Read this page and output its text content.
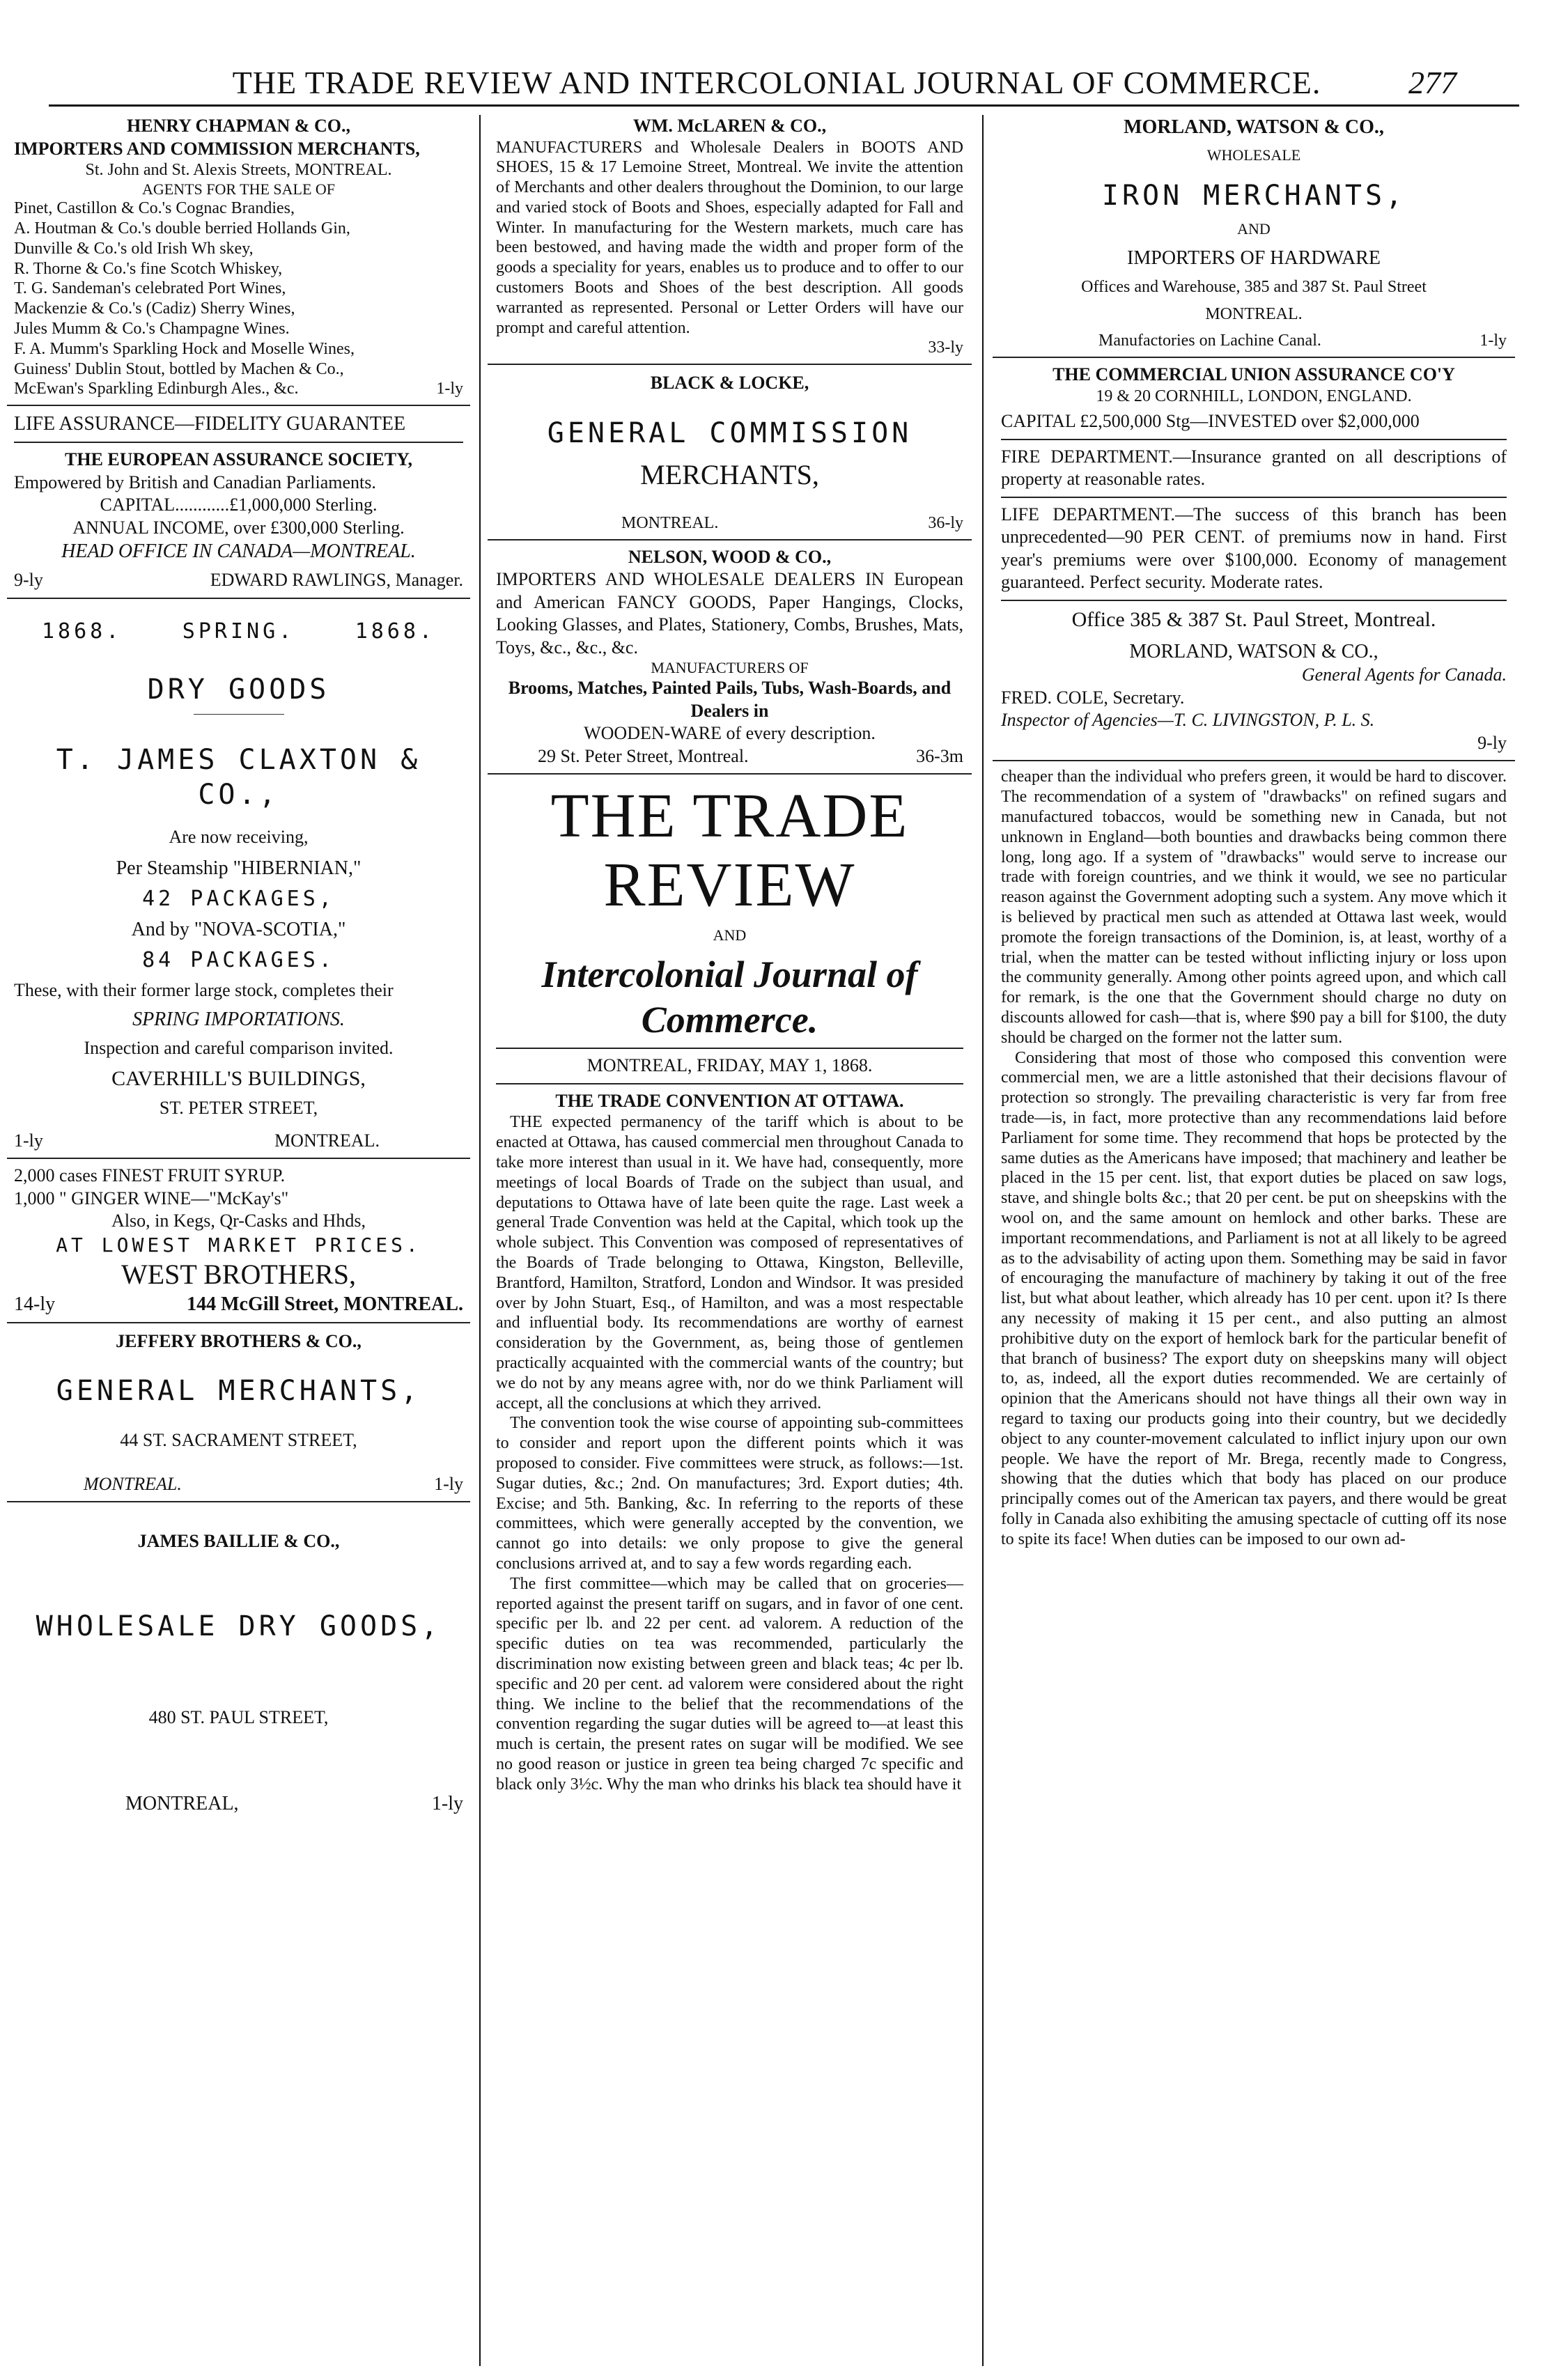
THE TRADE REVIEW AND INTERCOLONIAL JOURNAL OF COMMERCE.	277
HENRY CHAPMAN & CO.,
IMPORTERS AND COMMISSION MERCHANTS,
St. John and St. Alexis Streets, MONTREAL.
AGENTS FOR THE SALE OF
Pinet, Castillon & Co.'s Cognac Brandies,
A. Houtman & Co.'s double berried Hollands Gin,
Dunville & Co.'s old Irish Wh skey,
R. Thorne & Co.'s fine Scotch Whiskey,
T. G. Sandeman's celebrated Port Wines,
Mackenzie & Co.'s (Cadiz) Sherry Wines,
Jules Mumm & Co.'s Champagne Wines.
F. A. Mumm's Sparkling Hock and Moselle Wines,
Guiness' Dublin Stout, bottled by Machen & Co.,
McEwan's Sparkling Edinburgh Ales., &c.	1-ly
LIFE ASSURANCE—FIDELITY GUARANTEE
THE EUROPEAN ASSURANCE SOCIETY,
Empowered by British and Canadian Parliaments.
CAPITAL............£1,000,000 Sterling.
ANNUAL INCOME, over £300,000 Sterling.
HEAD OFFICE IN CANADA—MONTREAL.
9-ly	EDWARD RAWLINGS, Manager.
1868.	SPRING.	1868.
DRY GOODS
T. JAMES CLAXTON & CO.,
Are now receiving,
Per Steamship "HIBERNIAN,"
42 PACKAGES,
And by "NOVA-SCOTIA,"
84 PACKAGES.
These, with their former large stock, completes their
SPRING IMPORTATIONS.
Inspection and careful comparison invited.
CAVERHILL'S BUILDINGS,
ST. PETER STREET,
1-ly	MONTREAL.
2,000 cases FINEST FRUIT SYRUP.
1,000 " GINGER WINE—"McKay's"
Also, in Kegs, Qr-Casks and Hhds,
AT LOWEST MARKET PRICES.
WEST BROTHERS,
14-ly	144 McGill Street, MONTREAL.
JEFFERY BROTHERS & CO.,
GENERAL MERCHANTS,
44 ST. SACRAMENT STREET,
MONTREAL.	1-ly
JAMES BAILLIE & CO.,
WHOLESALE DRY GOODS,
480 ST. PAUL STREET,
MONTREAL,	1-ly
WM. McLAREN & CO.,

MANUFACTURERS and Wholesale Dealers in BOOTS AND SHOES, 15 & 17 Lemoine Street, Montreal. We invite the attention of Merchants and other dealers throughout the Dominion, to our large and varied stock of Boots and Shoes, especially adapted for Fall and Winter. In manufacturing for the Western markets, much care has been bestowed, and having made the width and proper form of the goods a speciality for years, enables us to produce and to offer to our customers Boots and Shoes of the best description. All goods warranted as represented. Personal or Letter Orders will have our prompt and careful attention.

33-ly
BLACK & LOCKE,
GENERAL COMMISSION
MERCHANTS,
MONTREAL.	36-ly
NELSON, WOOD & CO.,

IMPORTERS AND WHOLESALE DEALERS IN European and American FANCY GOODS, Paper Hangings, Clocks, Looking Glasses, and Plates, Stationery, Combs, Brushes, Mats, Toys, &c., &c., &c.

MANUFACTURERS OF
Brooms, Matches, Painted Pails, Tubs, Wash-Boards, and Dealers in
WOODEN-WARE of every description.
29 St. Peter Street, Montreal.	36-3m
THE TRADE REVIEW
AND
Intercolonial Journal of Commerce.
MONTREAL, FRIDAY, MAY 1, 1868.
THE TRADE CONVENTION AT OTTAWA.

THE expected permanency of the tariff which is about to be enacted at Ottawa, has caused commercial men throughout Canada to take more interest than usual in it. We have had, consequently, more meetings of local Boards of Trade on the subject than usual, and deputations to Ottawa have of late been quite the rage. Last week a general Trade Convention was held at the Capital, which took up the whole subject. This Convention was composed of representatives of the Boards of Trade belonging to Ottawa, Kingston, Belleville, Brantford, Hamilton, Stratford, London and Windsor. It was presided over by John Stuart, Esq., of Hamilton, and was a most respectable and influential body. Its recommendations are worthy of earnest consideration by the Government, as, being those of gentlemen practically acquainted with the commercial wants of the country; but we do not by any means agree with, nor do we think Parliament will accept, all the conclusions at which they arrived.

The convention took the wise course of appointing sub-committees to consider and report upon the different points which it was proposed to consider. Five committees were struck, as follows:—1st. Sugar duties, &c.; 2nd. On manufactures; 3rd. Export duties; 4th. Excise; and 5th. Banking, &c. In referring to the reports of these committees, which were generally accepted by the convention, we cannot go into details: we only propose to give the general conclusions arrived at, and to say a few words regarding each.

The first committee—which may be called that on groceries—reported against the present tariff on sugars, and in favor of one cent. specific per lb. and 22 per cent. ad valorem. A reduction of the specific duties on tea was recommended, particularly the discrimination now existing between green and black teas; 4c per lb. specific and 20 per cent. ad valorem were considered about the right thing. We incline to the belief that the recommendations of the convention regarding the sugar duties will be agreed to—at least this much is certain, the present rates on sugar will be modified. We see no good reason or justice in green tea being charged 7c specific and black only 3½c. Why the man who drinks his black tea should have it

MORLAND, WATSON & CO.,
WHOLESALE
IRON MERCHANTS,
AND
IMPORTERS OF HARDWARE
Offices and Warehouse, 385 and 387 St. Paul Street
MONTREAL.
Manufactories on Lachine Canal.	1-ly
THE COMMERCIAL UNION ASSURANCE CO'Y
19 & 20 CORNHILL, LONDON, ENGLAND.
CAPITAL £2,500,000 Stg—INVESTED over $2,000,000

FIRE DEPARTMENT.—Insurance granted on all descriptions of property at reasonable rates.

LIFE DEPARTMENT.—The success of this branch has been unprecedented—90 PER CENT. of premiums now in hand. First year's premiums were over $100,000. Economy of management guaranteed. Perfect security. Moderate rates.

Office 385 & 387 St. Paul Street, Montreal.
MORLAND, WATSON & CO.,
General Agents for Canada.
FRED. COLE, Secretary.
Inspector of Agencies—T. C. LIVINGSTON, P. L. S.
9-ly

cheaper than the individual who prefers green, it would be hard to discover. The recommendation of a system of "drawbacks" on refined sugars and manufactured tobaccos, would be something new in Canada, but not unknown in England—both bounties and drawbacks being common there long, long ago. If a system of "drawbacks" would serve to increase our trade with foreign countries, and we think it would, we see no particular reason against the Government adopting such a system. Any move which it is believed by practical men such as attended at Ottawa last week, would promote the foreign transactions of the Dominion, is, at least, worthy of a trial, when the matter can be tested without inflicting injury or loss upon the community generally. Among other points agreed upon, and which call for remark, is the one that the Government should charge no duty on discounts allowed for cash—that is, where $90 pay a bill for $100, the duty should be charged on the former not the latter sum.

Considering that most of those who composed this convention were commercial men, we are a little astonished that their decisions flavour of protection so strongly. The prevailing characteristic is very far from free trade—is, in fact, more protective than any recommendations laid before Parliament for some time. They recommend that hops be protected by the same duties as the Americans have imposed; that machinery and leather be placed in the 15 per cent. list, that export duties be placed on saw logs, stave, and shingle bolts &c.; that 20 per cent. be put on sheepskins with the wool on, and the same amount on hemlock and other barks. These are important recommendations, and Parliament is not at all likely to be agreed as to the advisability of acting upon them. Something may be said in favor of encouraging the manufacture of machinery by taking it out of the free list, but what about leather, which already has 10 per cent. upon it? Is there any necessity of making it 15 per cent., and also putting an almost prohibitive duty on the export of hemlock bark for the particular benefit of that branch of business? The export duty on sheepskins many will object to, as, indeed, all the export duties recommended. We are certainly of opinion that the Americans should not have things all their own way in regard to taxing our products going into their country, but we decidedly object to any counter-movement calculated to inflict injury upon our own people. We have the report of Mr. Brega, recently made to Congress, showing that the duties which that body has placed on our produce principally comes out of the American tax payers, and there would be great folly in Canada also exhibiting the amusing spectacle of cutting off its nose to spite its face! When duties can be imposed to our own ad-
